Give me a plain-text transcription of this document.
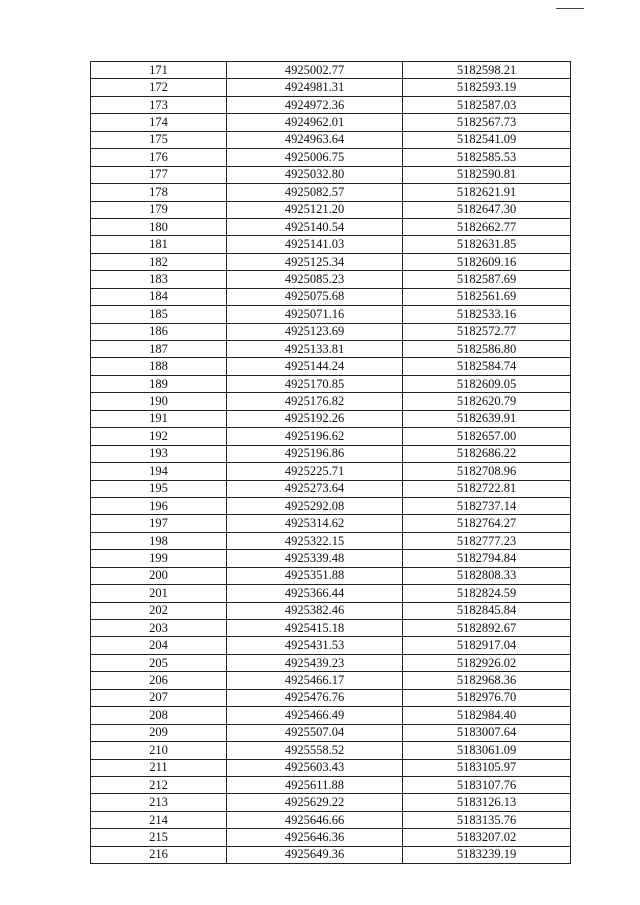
171	4925002.77	5182598.21
172	4924981.31	5182593.19
173	4924972.36	5182587.03
174	4924962.01	5182567.73
175	4924963.64	5182541.09
176	4925006.75	5182585.53
177	4925032.80	5182590.81
178	4925082.57	5182621.91
179	4925121.20	5182647.30
180	4925140.54	5182662.77
181	4925141.03	5182631.85
182	4925125.34	5182609.16
183	4925085.23	5182587.69
184	4925075.68	5182561.69
185	4925071.16	5182533.16
186	4925123.69	5182572.77
187	4925133.81	5182586.80
188	4925144.24	5182584.74
189	4925170.85	5182609.05
190	4925176.82	5182620.79
191	4925192.26	5182639.91
192	4925196.62	5182657.00
193	4925196.86	5182686.22
194	4925225.71	5182708.96
195	4925273.64	5182722.81
196	4925292.08	5182737.14
197	4925314.62	5182764.27
198	4925322.15	5182777.23
199	4925339.48	5182794.84
200	4925351.88	5182808.33
201	4925366.44	5182824.59
202	4925382.46	5182845.84
203	4925415.18	5182892.67
204	4925431.53	5182917.04
205	4925439.23	5182926.02
206	4925466.17	5182968.36
207	4925476.76	5182976.70
208	4925466.49	5182984.40
209	4925507.04	5183007.64
210	4925558.52	5183061.09
211	4925603.43	5183105.97
212	4925611.88	5183107.76
213	4925629.22	5183126.13
214	4925646.66	5183135.76
215	4925646.36	5183207.02
216	4925649.36	5183239.19
